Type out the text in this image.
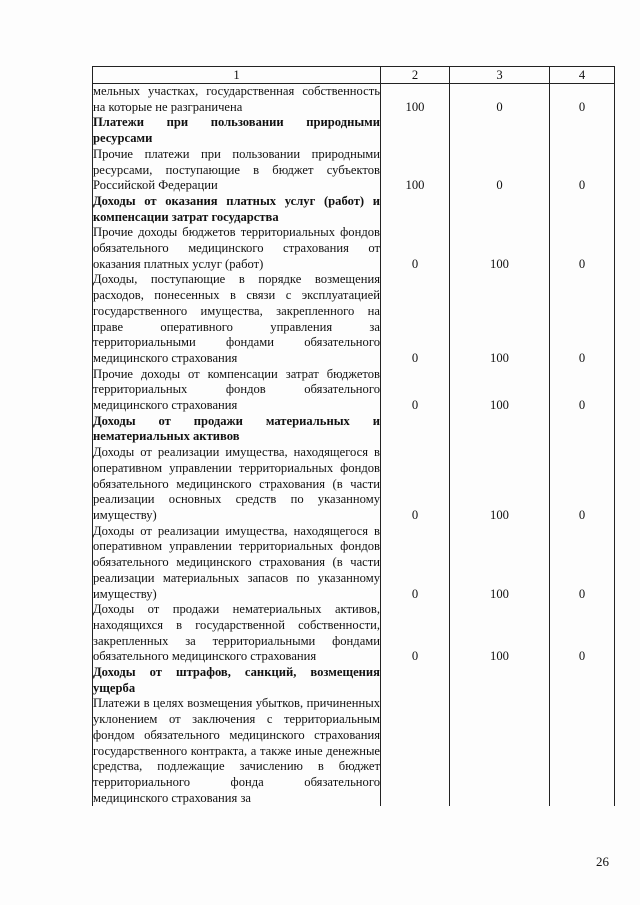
1	2	3	4
мельных участках, государственная собственность на которые не разграничена	100	0	0
Платежи при пользовании природными ресурсами			
Прочие платежи при пользовании природными ресурсами, поступающие в бюджет субъектов Российской Федерации	100	0	0
Доходы от оказания платных услуг (работ) и компенсации затрат государства			
Прочие доходы бюджетов территориальных фондов обязательного медицинского страхования от оказания платных услуг (работ)	0	100	0
Доходы, поступающие в порядке возмещения расходов, понесенных в связи с эксплуатацией государственного имущества, закрепленного на праве оперативного управления за территориальными фондами обязательного медицинского страхования	0	100	0
Прочие доходы от компенсации затрат бюджетов территориальных фондов обязательного медицинского страхования	0	100	0
Доходы от продажи материальных и нематериальных активов			
Доходы от реализации имущества, находящегося в оперативном управлении территориальных фондов обязательного медицинского страхования (в части реализации основных средств по указанному имуществу)	0	100	0
Доходы от реализации имущества, находящегося в оперативном управлении территориальных фондов обязательного медицинского страхования (в части реализации материальных запасов по указанному имуществу)	0	100	0
Доходы от продажи нематериальных активов, находящихся в государственной собственности, закрепленных за территориальными фондами обязательного медицинского страхования	0	100	0
Доходы от штрафов, санкций, возмещения ущерба			
Платежи в целях возмещения убытков, причиненных уклонением от заключения с территориальным фондом обязательного медицинского страхования государственного контракта, а также иные денежные средства, подлежащие зачислению в бюджет территориального фонда обязательного медицинского страхования за			
26
